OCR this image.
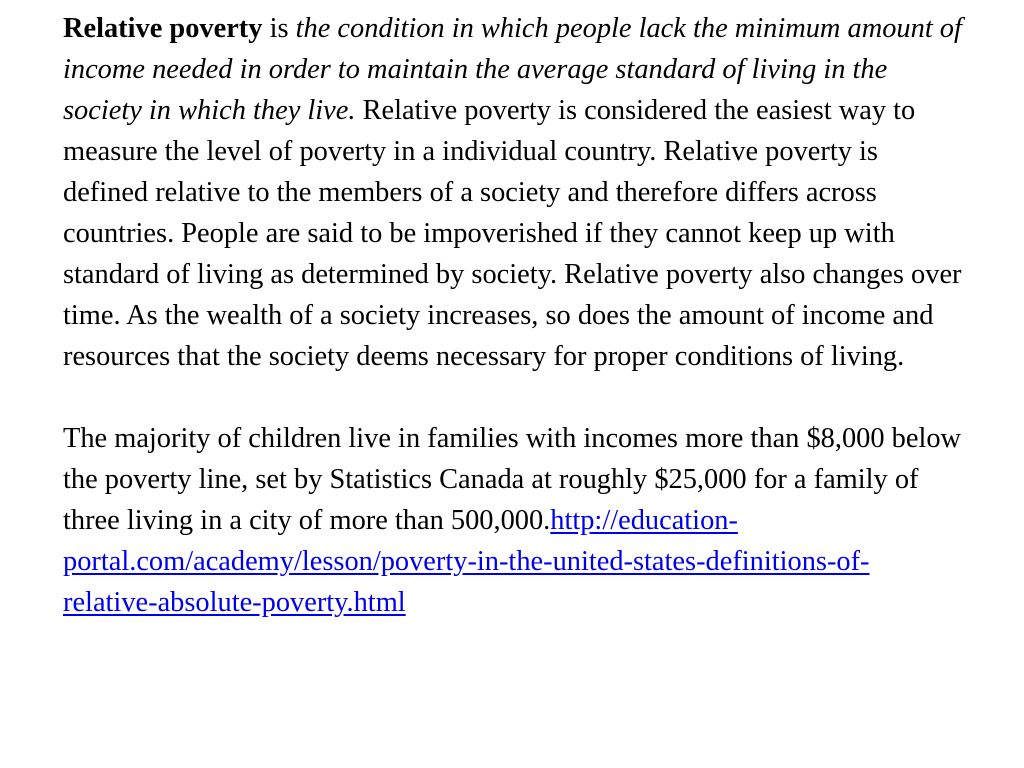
Relative poverty is the condition in which people lack the minimum amount of income needed in order to maintain the average standard of living in the society in which they live. Relative poverty is considered the easiest way to measure the level of poverty in a individual country. Relative poverty is defined relative to the members of a society and therefore differs across countries. People are said to be impoverished if they cannot keep up with standard of living as determined by society. Relative poverty also changes over time. As the wealth of a society increases, so does the amount of income and resources that the society deems necessary for proper conditions of living.

The majority of children live in families with incomes more than $8,000 below the poverty line, set by Statistics Canada at roughly $25,000 for a family of three living in a city of more than 500,000.http://education-portal.com/academy/lesson/poverty-in-the-united-states-definitions-of-relative-absolute-poverty.html
